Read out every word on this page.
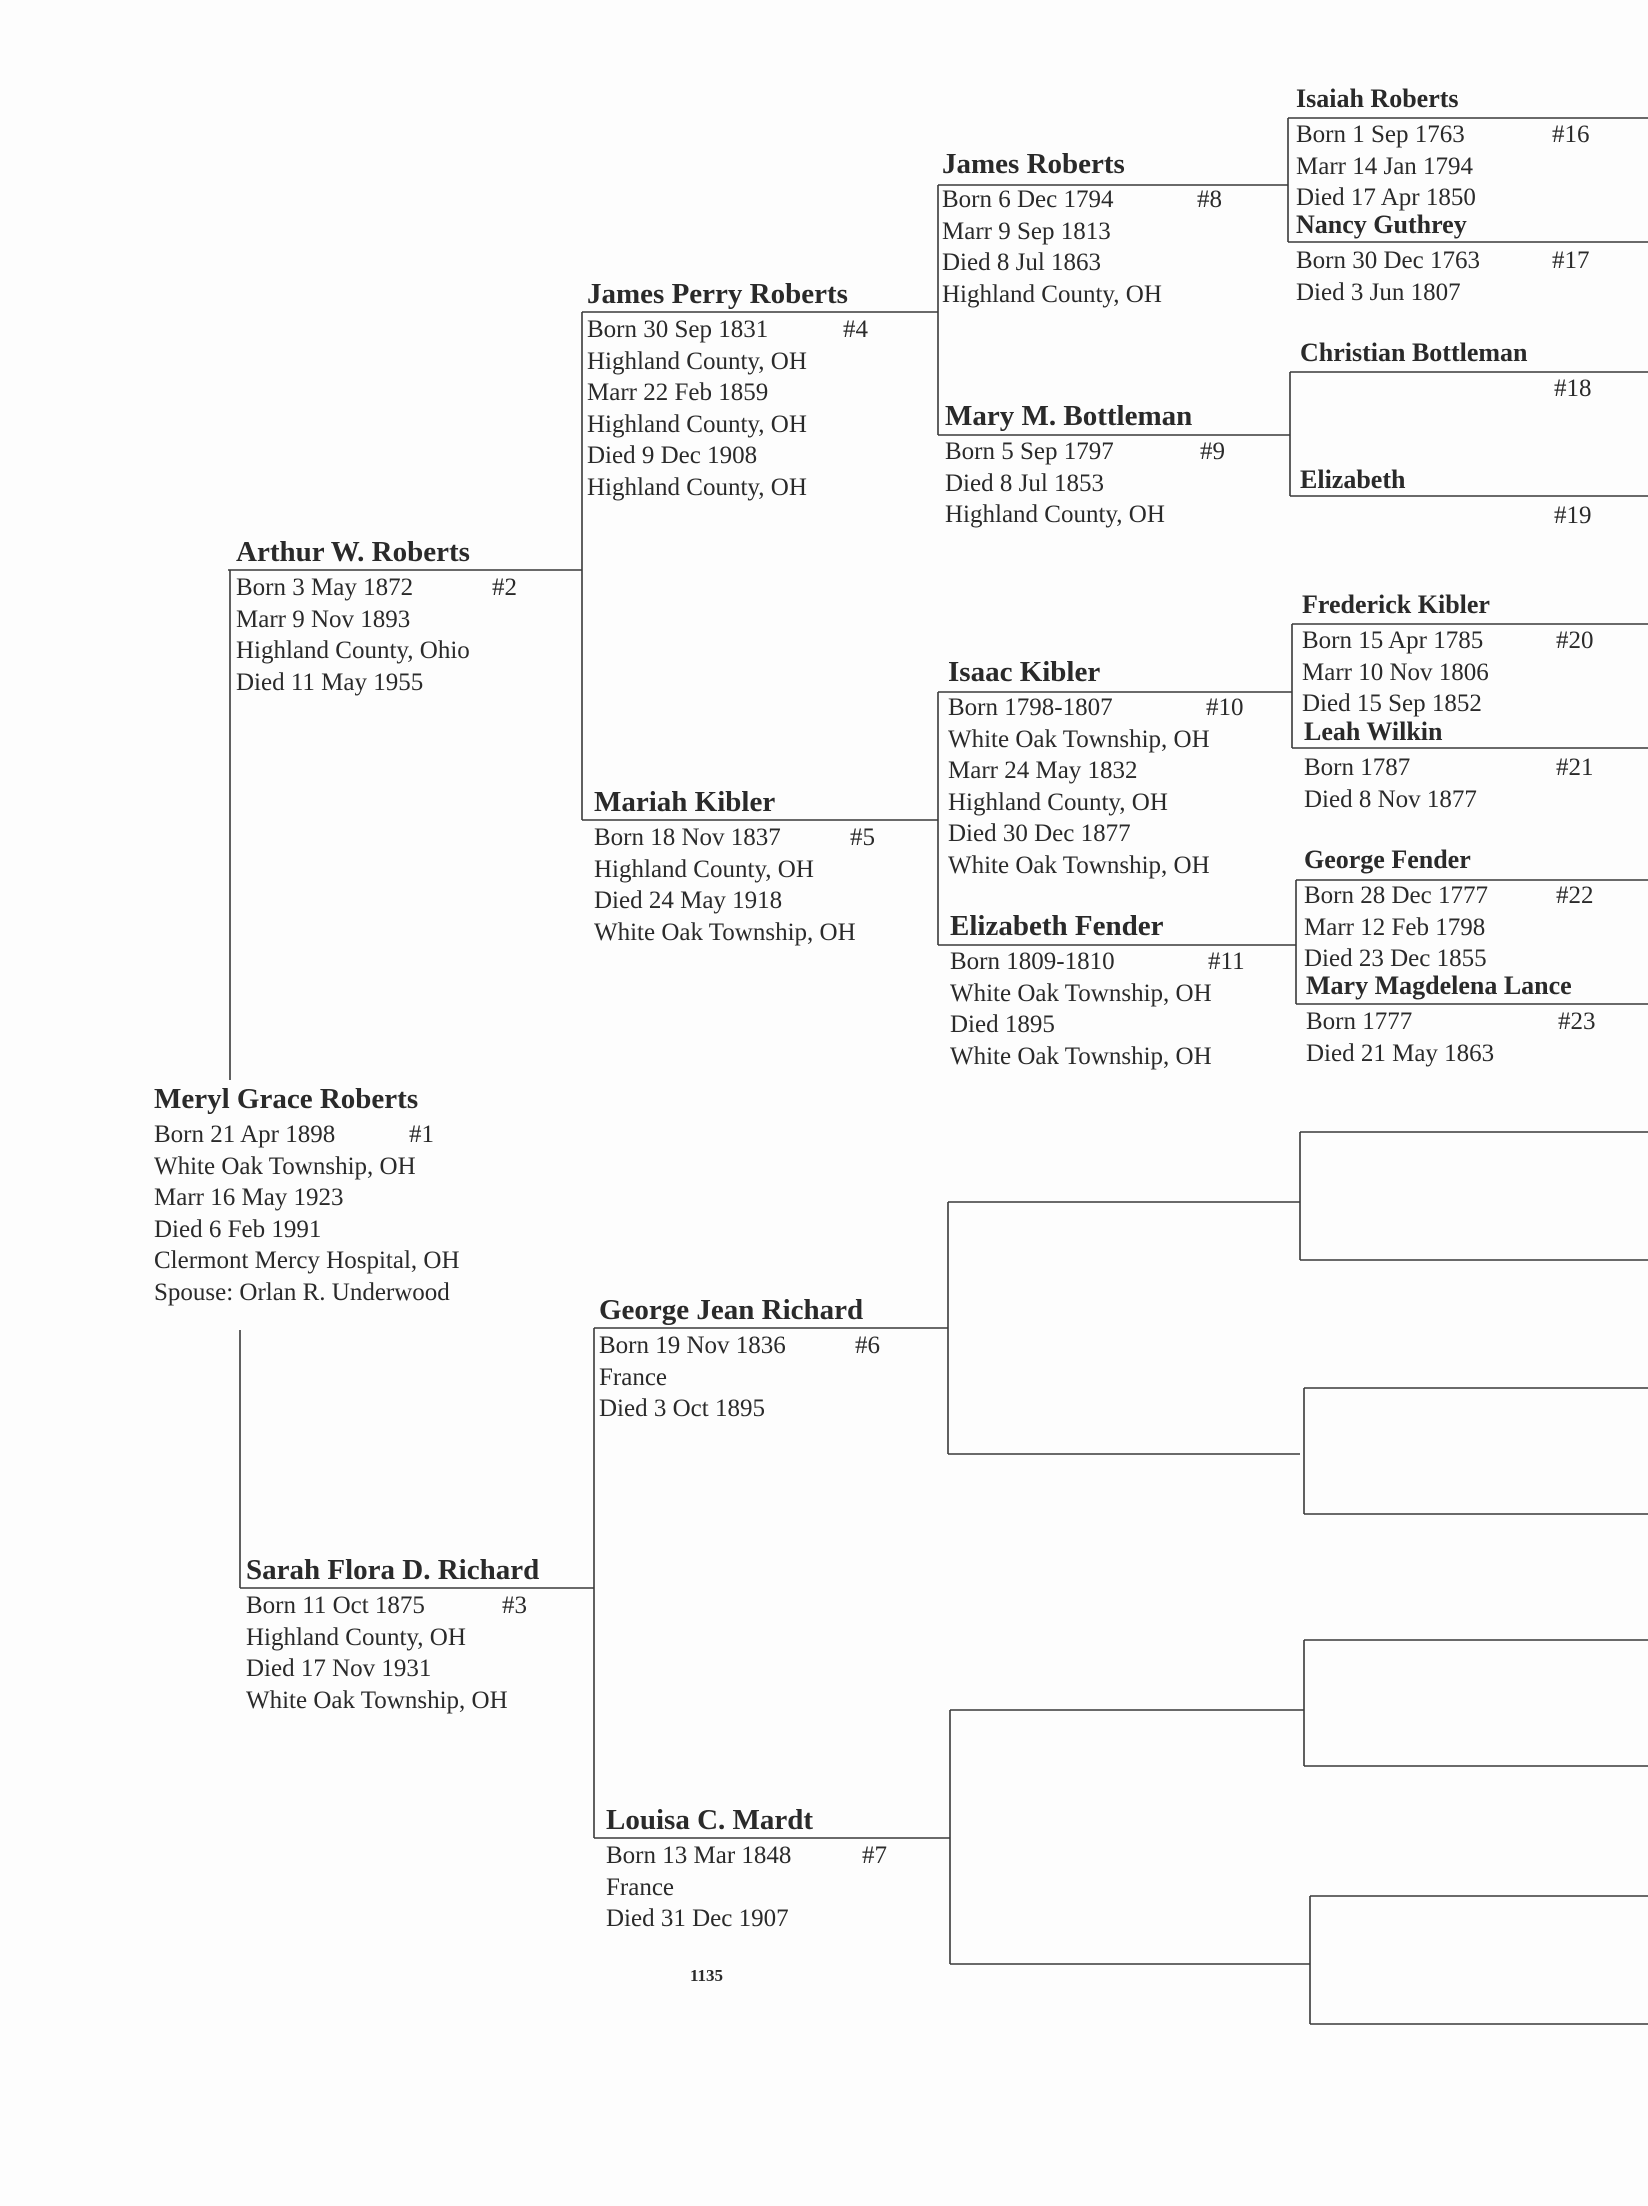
Meryl Grace Roberts
Born 21 Apr 1898	#1
White Oak Township, OH
Marr 16 May 1923
Died 6 Feb 1991
Clermont Mercy Hospital, OH
Spouse: Orlan R. Underwood
Arthur W. Roberts
Born 3 May 1872	#2
Marr 9 Nov 1893
Highland County, Ohio
Died 11 May 1955
Sarah Flora D. Richard
Born 11 Oct 1875	#3
Highland County, OH
Died 17 Nov 1931
White Oak Township, OH
James Perry Roberts
Born 30 Sep 1831	#4
Highland County, OH
Marr 22 Feb 1859
Highland County, OH
Died 9 Dec 1908
Highland County, OH
Mariah Kibler
Born 18 Nov 1837	#5
Highland County, OH
Died 24 May 1918
White Oak Township, OH
George Jean Richard
Born 19 Nov 1836	#6
France
Died 3 Oct 1895
Louisa C. Mardt
Born 13 Mar 1848	#7
France
Died 31 Dec 1907
James Roberts
Born 6 Dec 1794	#8
Marr 9 Sep 1813
Died 8 Jul 1863
Highland County, OH
Mary M. Bottleman
Born 5 Sep 1797	#9
Died 8 Jul 1853
Highland County, OH
Isaac Kibler
Born 1798-1807	#10
White Oak Township, OH
Marr 24 May 1832
Highland County, OH
Died 30 Dec 1877
White Oak Township, OH
Elizabeth Fender
Born 1809-1810	#11
White Oak Township, OH
Died 1895
White Oak Township, OH
Isaiah Roberts
Born 1 Sep 1763	#16
Marr 14 Jan 1794
Died 17 Apr 1850
Nancy Guthrey
Born 30 Dec 1763	#17
Died 3 Jun 1807
Christian Bottleman
#18
Elizabeth
#19
Frederick Kibler
Born 15 Apr 1785	#20
Marr 10 Nov 1806
Died 15 Sep 1852
Leah Wilkin
Born 1787	#21
Died 8 Nov 1877
George Fender
Born 28 Dec 1777	#22
Marr 12 Feb 1798
Died 23 Dec 1855
Mary Magdelena Lance
Born 1777	#23
Died 21 May 1863
1135
